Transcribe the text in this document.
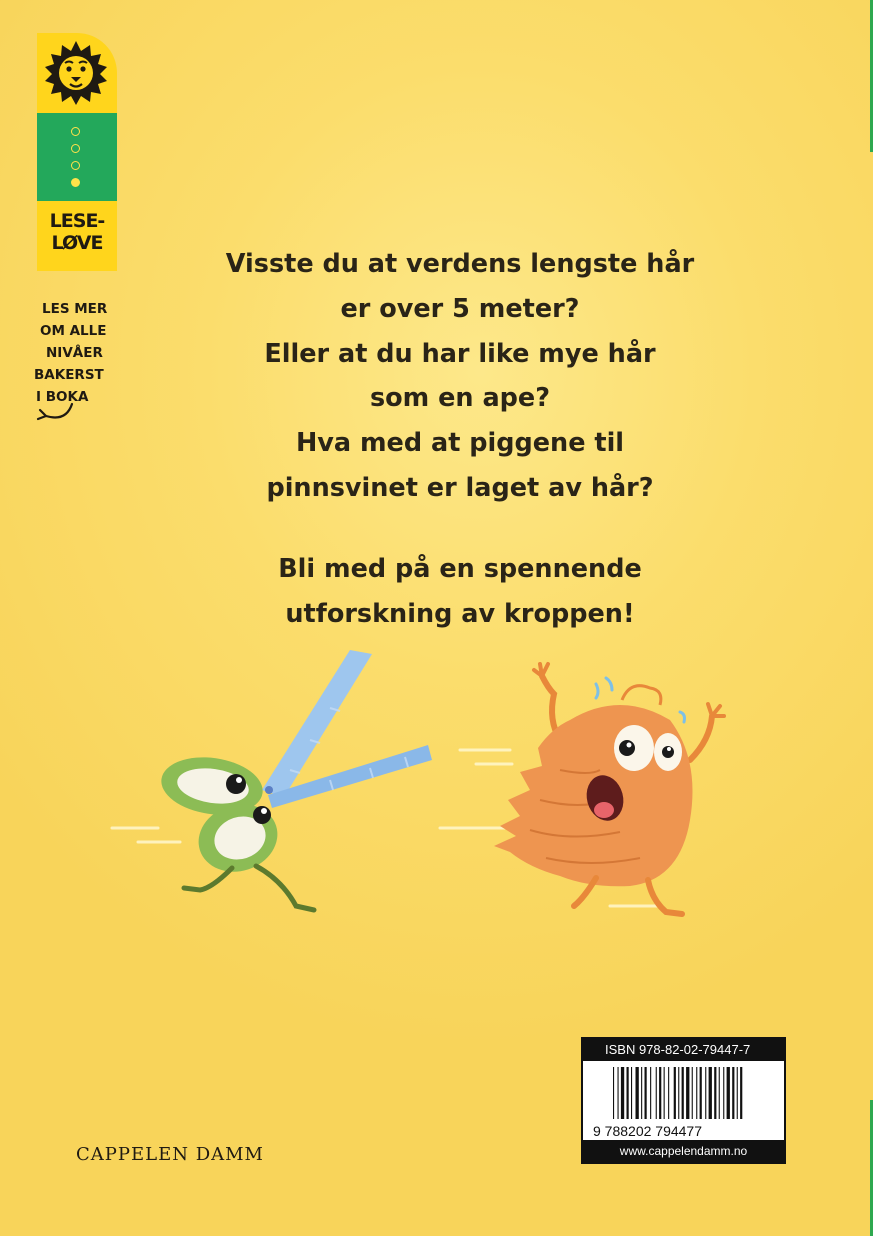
LESE-
LØVE
LES MER
OM ALLE
NIVÅER
BAKERST
I BOKA
Visste du at verdens lengste hår
er over 5 meter?
Eller at du har like mye hår
som en ape?
Hva med at piggene til
pinnsvinet er laget av hår?
Bli med på en spennende
utforskning av kroppen!
CAPPELEN DAMM
ISBN 978-82-02-79447-7
9 788202 794477
www.cappelendamm.no
